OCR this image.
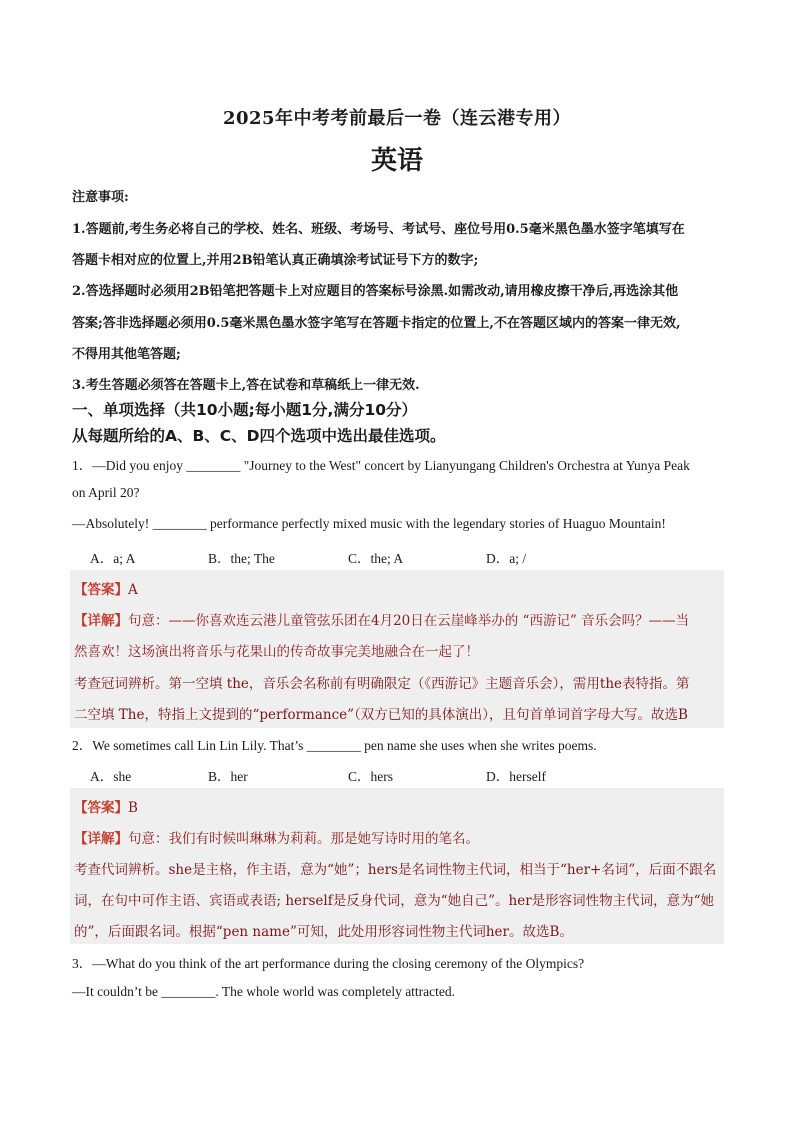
2025年中考考前最后一卷（连云港专用）
英语
注意事项:
1.答题前,考生务必将自己的学校、姓名、班级、考场号、考试号、座位号用0.5毫米黑色墨水签字笔填写在
答题卡相对应的位置上,并用2B铅笔认真正确填涂考试证号下方的数字;
2.答选择题时必须用2B铅笔把答题卡上对应题目的答案标号涂黑.如需改动,请用橡皮擦干净后,再选涂其他
答案;答非选择题必须用0.5毫米黑色墨水签字笔写在答题卡指定的位置上,不在答题区域内的答案一律无效,
不得用其他笔答题;
3.考生答题必须答在答题卡上,答在试卷和草稿纸上一律无效.
一、单项选择（共10小题;每小题1分,满分10分）
从每题所给的A、B、C、D四个选项中选出最佳选项。
1．—Did you enjoy ________ "Journey to the West" concert by Lianyungang Children's Orchestra at Yunya Peak
on April 20?
—Absolutely! ________ performance perfectly mixed music with the legendary stories of Huaguo Mountain!
A．a; A	B．the; The	C．the; A	D．a; /
【答案】A
【详解】句意：——你喜欢连云港儿童管弦乐团在4月20日在云崖峰举办的 “西游记” 音乐会吗？——当
然喜欢！这场演出将音乐与花果山的传奇故事完美地融合在一起了！
考查冠词辨析。第一空填 the，音乐会名称前有明确限定（《西游记》主题音乐会），需用the表特指。第
二空填 The，特指上文提到的“performance”（双方已知的具体演出），且句首单词首字母大写。故选B
2．We sometimes call Lin Lin Lily. That’s ________ pen name she uses when she writes poems.
A．she	B．her	C．hers	D．herself
【答案】B
【详解】句意：我们有时候叫琳琳为莉莉。那是她写诗时用的笔名。
考查代词辨析。she是主格，作主语，意为“她”；hers是名词性物主代词，相当于“her+名词”，后面不跟名
词，在句中可作主语、宾语或表语; herself是反身代词，意为“她自己”。her是形容词性物主代词，意为“她
的”，后面跟名词。根据“pen name”可知，此处用形容词性物主代词her。故选B。
3．—What do you think of the art performance during the closing ceremony of the Olympics?
—It couldn’t be ________. The whole world was completely attracted.
